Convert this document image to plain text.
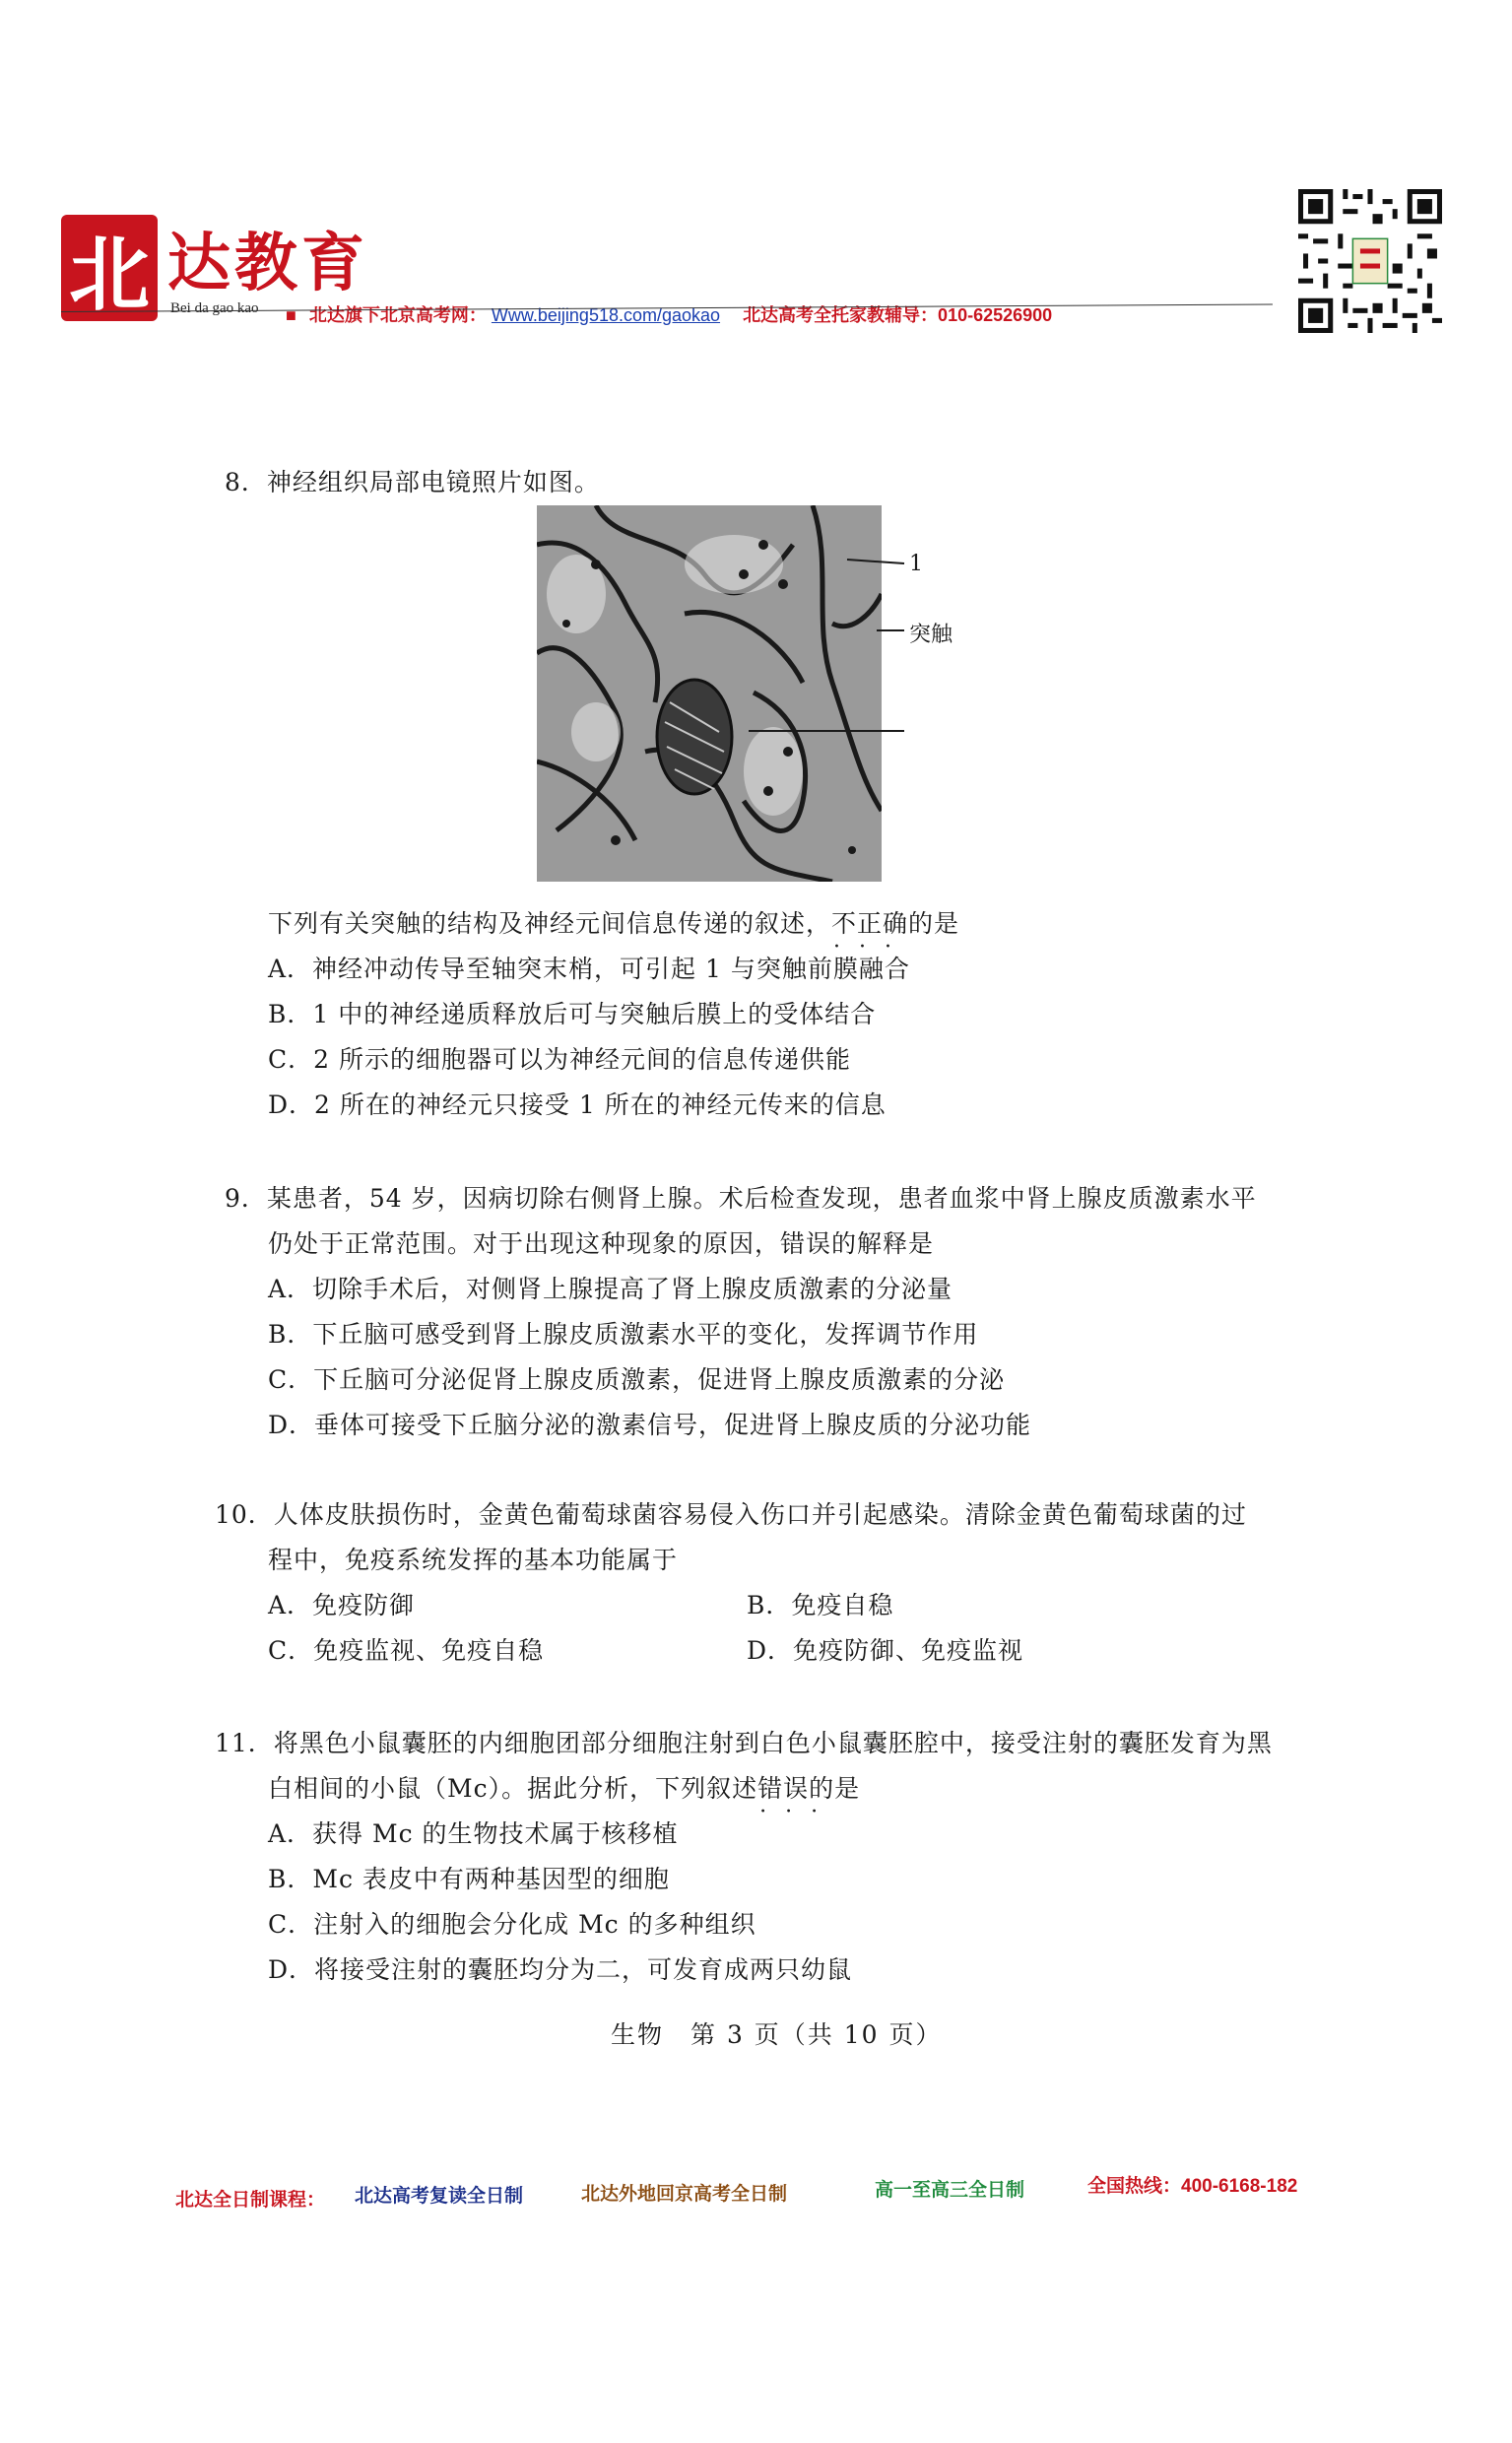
北 达教育
Bei da gao kao ■ 北达旗下北京高考网： Www.beijing518.com/gaokao 北达高考全托家教辅导：010-62526900
8．神经组织局部电镜照片如图。
1
突触
下列有关突触的结构及神经元间信息传递的叙述，不正确 · · ·的是
A．神经冲动传导至轴突末梢，可引起 1 与突触前膜融合
B．1 中的神经递质释放后可与突触后膜上的受体结合
C．2 所示的细胞器可以为神经元间的信息传递供能
D．2 所在的神经元只接受 1 所在的神经元传来的信息
9．某患者，54 岁，因病切除右侧肾上腺。术后检查发现，患者血浆中肾上腺皮质激素水平
仍处于正常范围。对于出现这种现象的原因，错误的解释是
A．切除手术后，对侧肾上腺提高了肾上腺皮质激素的分泌量
B．下丘脑可感受到肾上腺皮质激素水平的变化，发挥调节作用
C．下丘脑可分泌促肾上腺皮质激素，促进肾上腺皮质激素的分泌
D．垂体可接受下丘脑分泌的激素信号，促进肾上腺皮质的分泌功能
10．人体皮肤损伤时，金黄色葡萄球菌容易侵入伤口并引起感染。清除金黄色葡萄球菌的过
程中，免疫系统发挥的基本功能属于
A．免疫防御	B．免疫自稳
C．免疫监视、免疫自稳	D．免疫防御、免疫监视
11．将黑色小鼠囊胚的内细胞团部分细胞注射到白色小鼠囊胚腔中，接受注射的囊胚发育为黑
白相间的小鼠（Mc）。据此分析，下列叙述错误 · · ·的是
A．获得 Mc 的生物技术属于核移植
B．Mc 表皮中有两种基因型的细胞
C．注射入的细胞会分化成 Mc 的多种组织
D．将接受注射的囊胚均分为二，可发育成两只幼鼠
生物　第 3 页（共 10 页）
北达全日制课程： 北达高考复读全日制	北达外地回京高考全日制	高一至高三全日制	全国热线：400-6168-182
